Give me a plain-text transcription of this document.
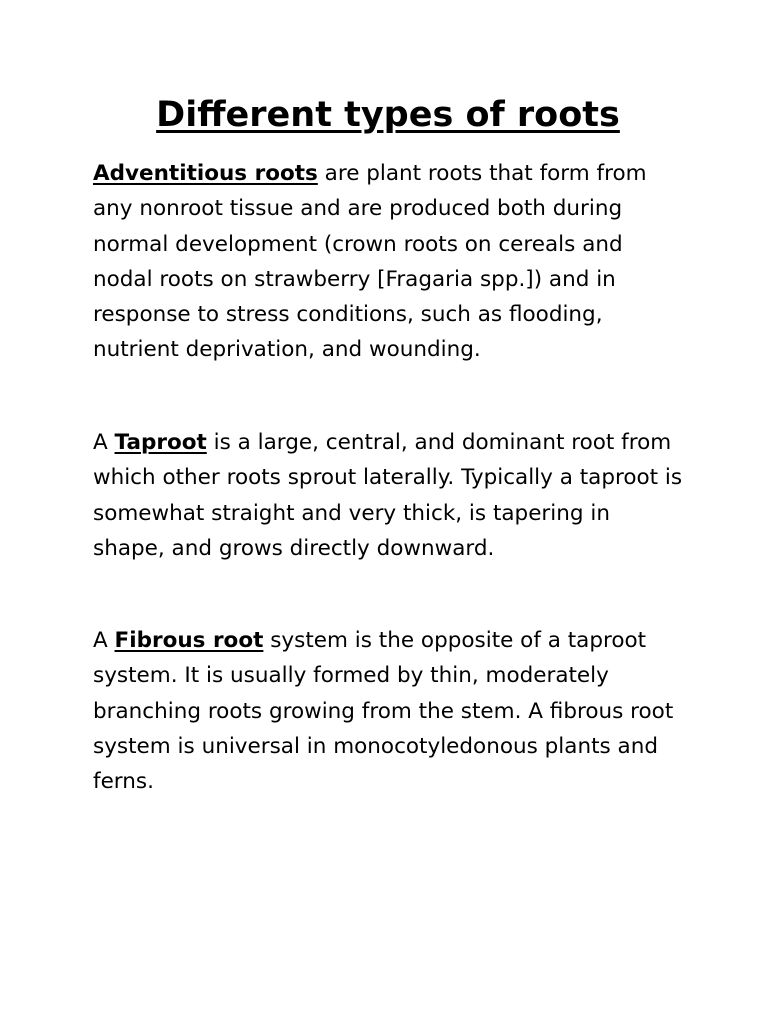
Different types of roots

Adventitious roots are plant roots that form from any nonroot tissue and are produced both during normal development (crown roots on cereals and nodal roots on strawberry [Fragaria spp.]) and in response to stress conditions, such as flooding, nutrient deprivation, and wounding.

A Taproot is a large, central, and dominant root from which other roots sprout laterally. Typically a taproot is somewhat straight and very thick, is tapering in shape, and grows directly downward.

A Fibrous root system is the opposite of a taproot system. It is usually formed by thin, moderately branching roots growing from the stem. A fibrous root system is universal in monocotyledonous plants and ferns.
